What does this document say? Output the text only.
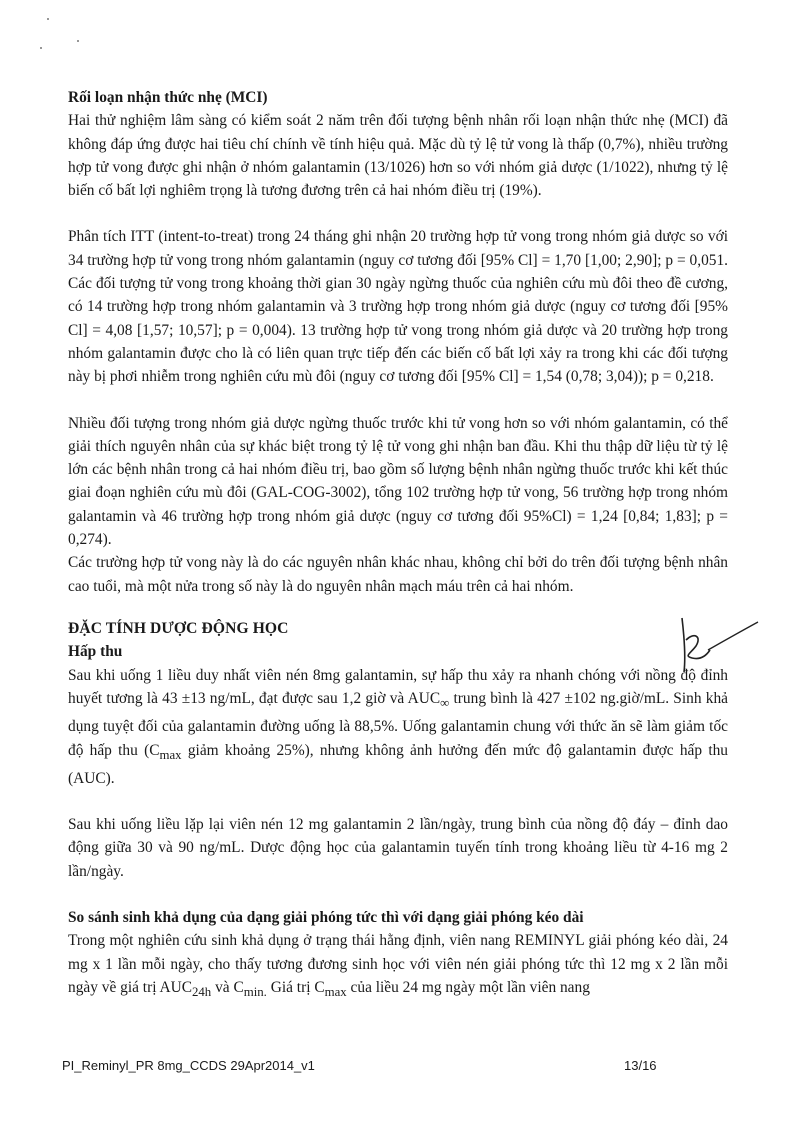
Rối loạn nhận thức nhẹ (MCI)

Hai thử nghiệm lâm sàng có kiểm soát 2 năm trên đối tượng bệnh nhân rối loạn nhận thức nhẹ (MCI) đã không đáp ứng được hai tiêu chí chính về tính hiệu quả. Mặc dù tỷ lệ tử vong là thấp (0,7%), nhiều trường hợp tử vong được ghi nhận ở nhóm galantamin (13/1026) hơn so với nhóm giả dược (1/1022), nhưng tỷ lệ biến cố bất lợi nghiêm trọng là tương đương trên cả hai nhóm điều trị (19%).

Phân tích ITT (intent-to-treat) trong 24 tháng ghi nhận 20 trường hợp tử vong trong nhóm giả dược so với 34 trường hợp tử vong trong nhóm galantamin (nguy cơ tương đối [95% Cl] = 1,70 [1,00; 2,90]; p = 0,051. Các đối tượng tử vong trong khoảng thời gian 30 ngày ngừng thuốc của nghiên cứu mù đôi theo đề cương, có 14 trường hợp trong nhóm galantamin và 3 trường hợp trong nhóm giả dược (nguy cơ tương đối [95% Cl] = 4,08 [1,57; 10,57]; p = 0,004). 13 trường hợp tử vong trong nhóm giả dược và 20 trường hợp trong nhóm galantamin được cho là có liên quan trực tiếp đến các biến cố bất lợi xảy ra trong khi các đối tượng này bị phơi nhiễm trong nghiên cứu mù đôi (nguy cơ tương đối [95% Cl] = 1,54 (0,78; 3,04)); p = 0,218.

Nhiều đối tượng trong nhóm giả dược ngừng thuốc trước khi tử vong hơn so với nhóm galantamin, có thể giải thích nguyên nhân của sự khác biệt trong tỷ lệ tử vong ghi nhận ban đầu. Khi thu thập dữ liệu từ tỷ lệ lớn các bệnh nhân trong cả hai nhóm điều trị, bao gồm số lượng bệnh nhân ngừng thuốc trước khi kết thúc giai đoạn nghiên cứu mù đôi (GAL-COG-3002), tổng 102 trường hợp tử vong, 56 trường hợp trong nhóm galantamin và 46 trường hợp trong nhóm giả dược (nguy cơ tương đối 95%Cl) = 1,24 [0,84; 1,83]; p = 0,274).

Các trường hợp tử vong này là do các nguyên nhân khác nhau, không chỉ bởi do trên đối tượng bệnh nhân cao tuổi, mà một nửa trong số này là do nguyên nhân mạch máu trên cả hai nhóm.

ĐẶC TÍNH DƯỢC ĐỘNG HỌC

Hấp thu

Sau khi uống 1 liều duy nhất viên nén 8mg galantamin, sự hấp thu xảy ra nhanh chóng với nồng độ đỉnh huyết tương là 43 ±13 ng/mL, đạt được sau 1,2 giờ và $AUC_\infty$ trung bình là 427 ±102 ng.giờ/mL. Sinh khả dụng tuyệt đối của galantamin đường uống là 88,5%. Uống galantamin chung với thức ăn sẽ làm giảm tốc độ hấp thu ($C_{max}$ giảm khoảng 25%), nhưng không ảnh hưởng đến mức độ galantamin được hấp thu (AUC).

Sau khi uống liều lặp lại viên nén 12 mg galantamin 2 lần/ngày, trung bình của nồng độ đáy – đỉnh dao động giữa 30 và 90 ng/mL. Dược động học của galantamin tuyến tính trong khoảng liều từ 4-16 mg 2 lần/ngày.

So sánh sinh khả dụng của dạng giải phóng tức thì với dạng giải phóng kéo dài

Trong một nghiên cứu sinh khả dụng ở trạng thái hằng định, viên nang REMINYL giải phóng kéo dài, 24 mg x 1 lần mỗi ngày, cho thấy tương đương sinh học với viên nén giải phóng tức thì 12 mg x 2 lần mỗi ngày về giá trị $AUC_{24h}$ và $C_{min.}$ Giá trị $C_{max}$ của liều 24 mg ngày một lần viên nang

PI_Reminyl_PR 8mg_CCDS 29Apr2014_v1	13/16
